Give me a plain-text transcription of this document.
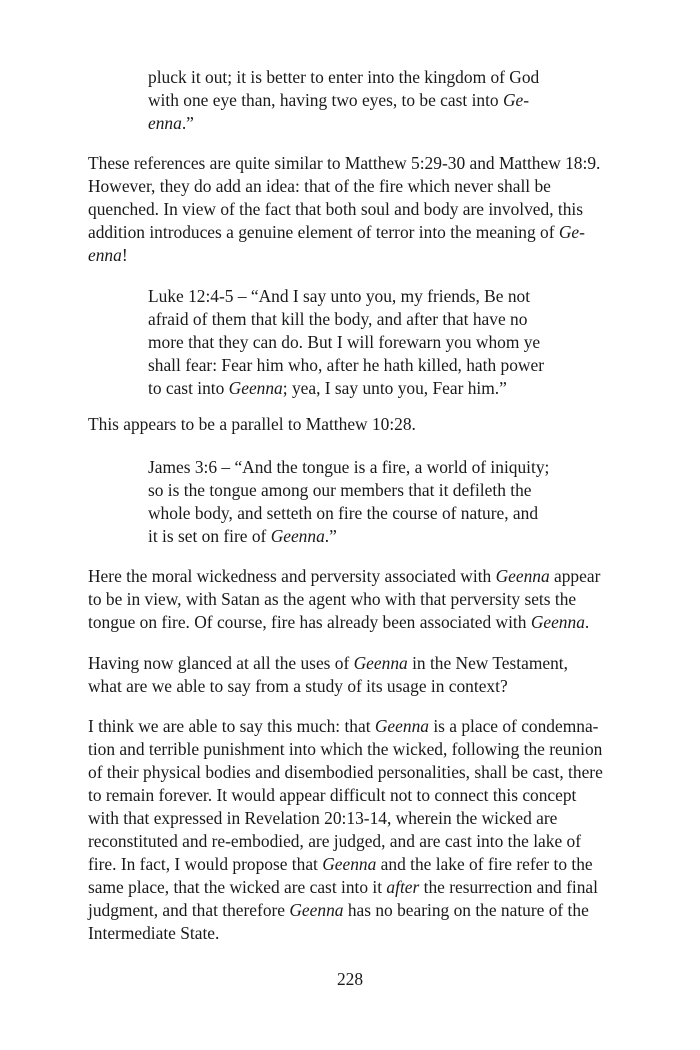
pluck it out; it is better to enter into the kingdom of God

with one eye than, having two eyes, to be cast into Ge-

enna.”

These references are quite similar to Matthew 5:29-30 and Matthew 18:9.

However, they do add an idea: that of the fire which never shall be

quenched. In view of the fact that both soul and body are involved, this

addition introduces a genuine element of terror into the meaning of Ge-

enna!

Luke 12:4-5 – “And I say unto you, my friends, Be not

afraid of them that kill the body, and after that have no

more that they can do. But I will forewarn you whom ye

shall fear: Fear him who, after he hath killed, hath power

to cast into Geenna; yea, I say unto you, Fear him.”

This appears to be a parallel to Matthew 10:28.

James 3:6 – “And the tongue is a fire, a world of iniquity;

so is the tongue among our members that it defileth the

whole body, and setteth on fire the course of nature, and

it is set on fire of Geenna.”

Here the moral wickedness and perversity associated with Geenna appear

to be in view, with Satan as the agent who with that perversity sets the

tongue on fire. Of course, fire has already been associated with Geenna.

Having now glanced at all the uses of Geenna in the New Testament,

what are we able to say from a study of its usage in context?

I think we are able to say this much: that Geenna is a place of condemna-

tion and terrible punishment into which the wicked, following the reunion

of their physical bodies and disembodied personalities, shall be cast, there

to remain forever. It would appear difficult not to connect this concept

with that expressed in Revelation 20:13-14, wherein the wicked are

reconstituted and re-embodied, are judged, and are cast into the lake of

fire. In fact, I would propose that Geenna and the lake of fire refer to the

same place, that the wicked are cast into it after the resurrection and final

judgment, and that therefore Geenna has no bearing on the nature of the

Intermediate State.

228
